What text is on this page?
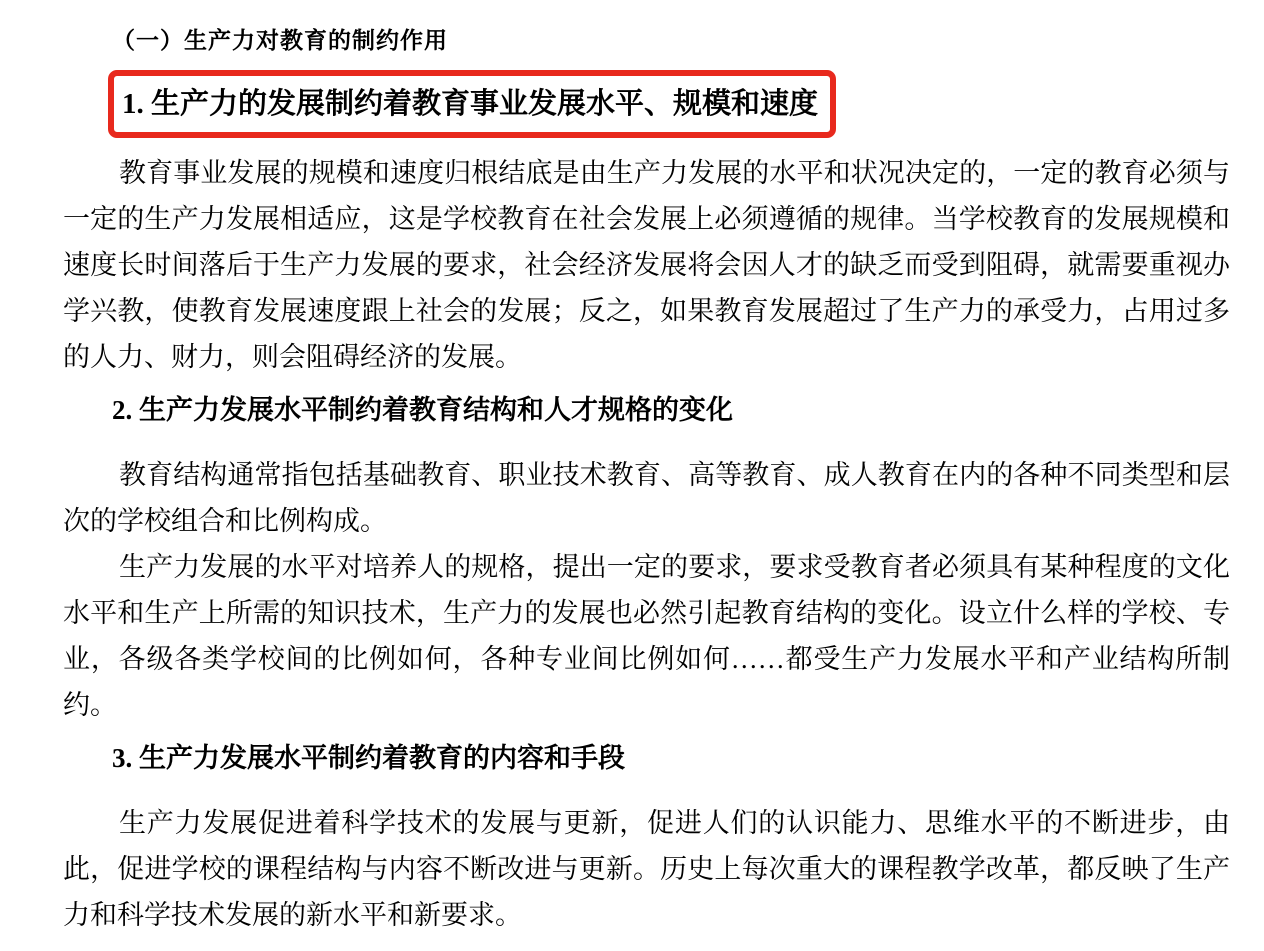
（一）生产力对教育的制约作用
1. 生产力的发展制约着教育事业发展水平、规模和速度

教育事业发展的规模和速度归根结底是由生产力发展的水平和状况决定的，一定的教育必须与一定的生产力发展相适应，这是学校教育在社会发展上必须遵循的规律。当学校教育的发展规模和速度长时间落后于生产力发展的要求，社会经济发展将会因人才的缺乏而受到阻碍，就需要重视办学兴教，使教育发展速度跟上社会的发展；反之，如果教育发展超过了生产力的承受力，占用过多的人力、财力，则会阻碍经济的发展。

2. 生产力发展水平制约着教育结构和人才规格的变化

教育结构通常指包括基础教育、职业技术教育、高等教育、成人教育在内的各种不同类型和层次的学校组合和比例构成。

生产力发展的水平对培养人的规格，提出一定的要求，要求受教育者必须具有某种程度的文化水平和生产上所需的知识技术，生产力的发展也必然引起教育结构的变化。设立什么样的学校、专业，各级各类学校间的比例如何，各种专业间比例如何……都受生产力发展水平和产业结构所制约。

3. 生产力发展水平制约着教育的内容和手段

生产力发展促进着科学技术的发展与更新，促进人们的认识能力、思维水平的不断进步，由此，促进学校的课程结构与内容不断改进与更新。历史上每次重大的课程教学改革，都反映了生产力和科学技术发展的新水平和新要求。
